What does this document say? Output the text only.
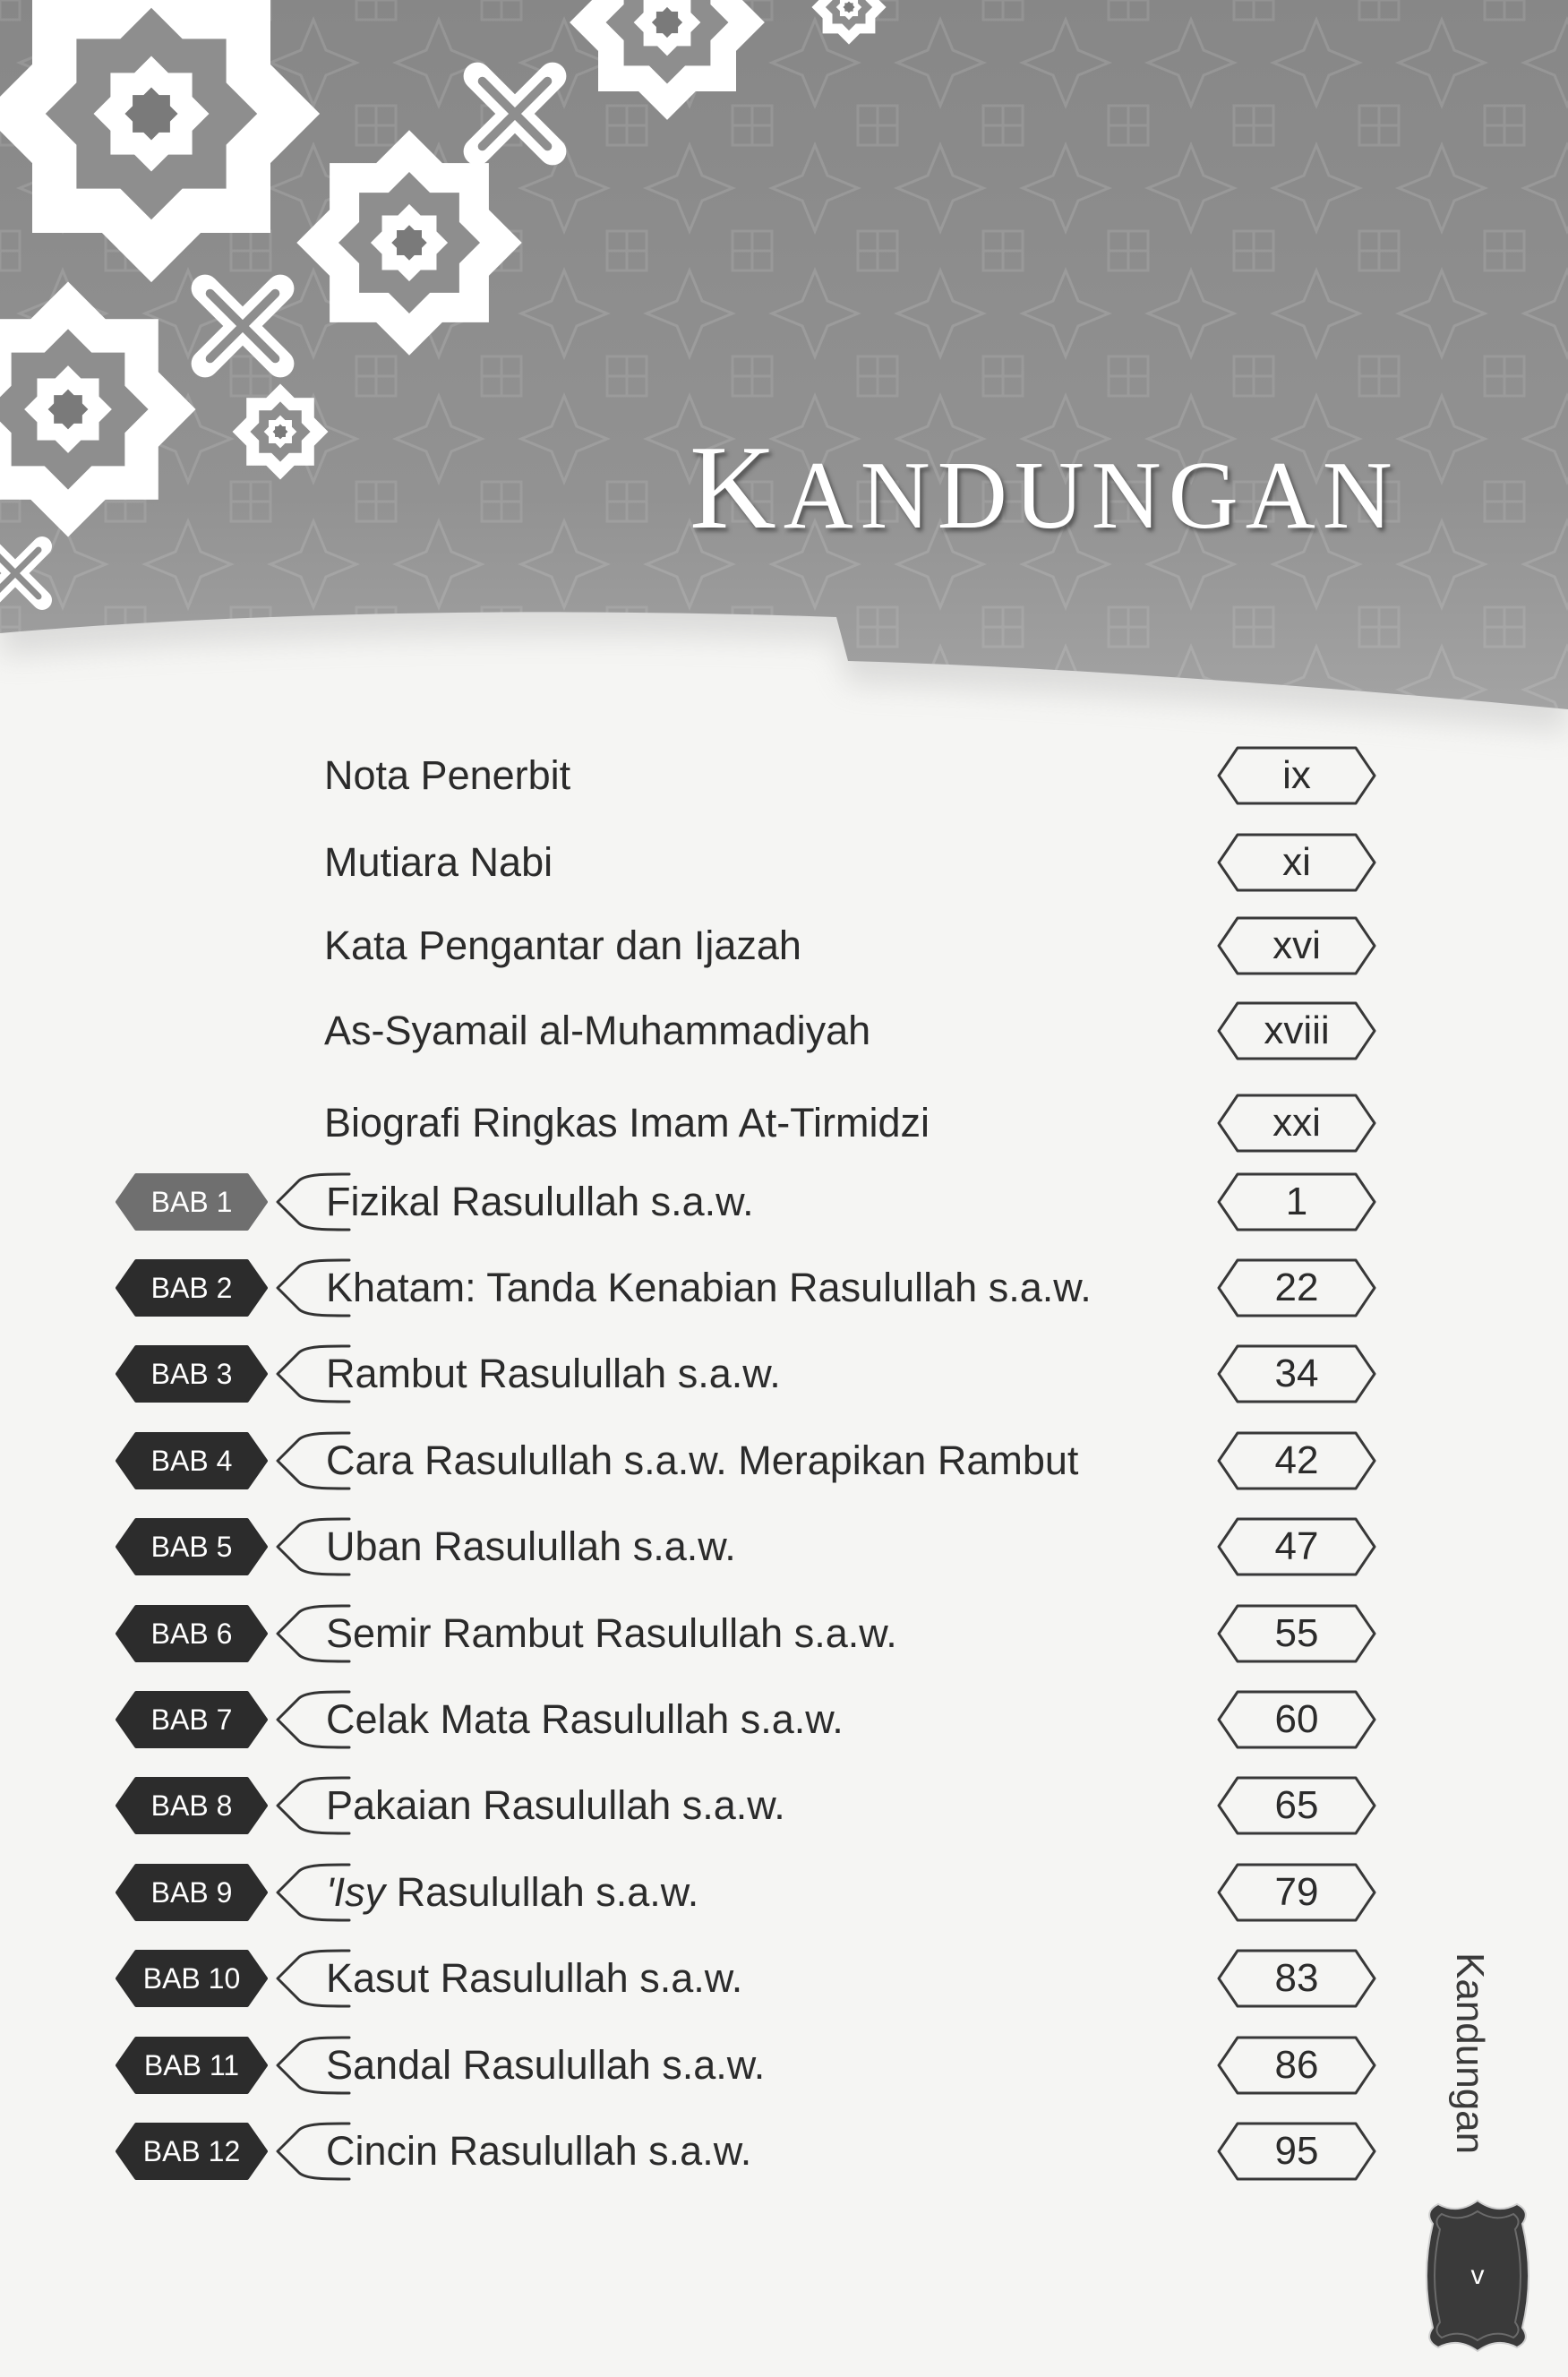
KANDUNGAN
Nota Penerbit	ix
Mutiara Nabi	xi
Kata Pengantar dan Ijazah	xvi
As-Syamail al-Muhammadiyah	xviii
Biografi Ringkas Imam At-Tirmidzi	xxi
BAB 1	Fizikal Rasulullah s.a.w.	1
BAB 2	Khatam: Tanda Kenabian Rasulullah s.a.w.	22
BAB 3	Rambut Rasulullah s.a.w.	34
BAB 4	Cara Rasulullah s.a.w. Merapikan Rambut	42
BAB 5	Uban Rasulullah s.a.w.	47
BAB 6	Semir Rambut Rasulullah s.a.w.	55
BAB 7	Celak Mata Rasulullah s.a.w.	60
BAB 8	Pakaian Rasulullah s.a.w.	65
BAB 9	'Isy Rasulullah s.a.w.	79
BAB 10	Kasut Rasulullah s.a.w.	83
BAB 11	Sandal Rasulullah s.a.w.	86
BAB 12	Cincin Rasulullah s.a.w.	95	Kandungan
v
